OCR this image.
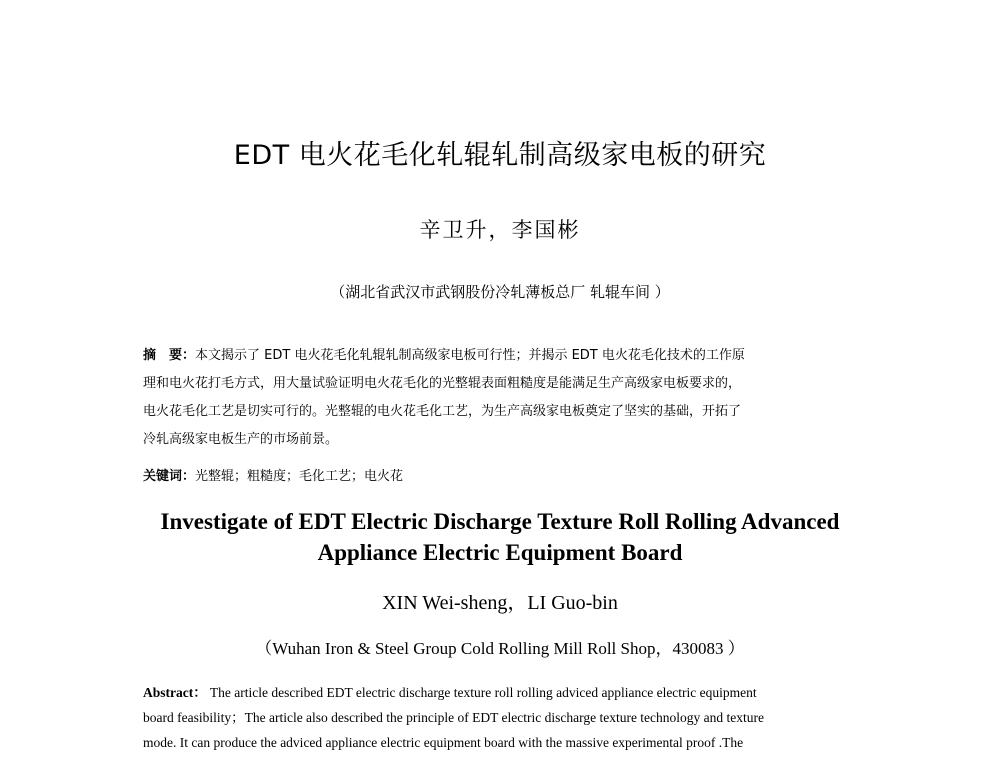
EDT 电火花毛化轧辊轧制高级家电板的研究
辛卫升，李国彬
（湖北省武汉市武钢股份冷轧薄板总厂 轧辊车间 ）
摘　要：本文揭示了 EDT 电火花毛化轧辊轧制高级家电板可行性；并揭示 EDT 电火花毛化技术的工作原
理和电火花打毛方式，用大量试验证明电火花毛化的光整辊表面粗糙度是能满足生产高级家电板要求的，
电火花毛化工艺是切实可行的。光整辊的电火花毛化工艺，为生产高级家电板奠定了坚实的基础，开拓了
冷轧高级家电板生产的市场前景。
关键词：光整辊；粗糙度；毛化工艺；电火花
Investigate of EDT Electric Discharge Texture Roll Rolling Advanced
Appliance Electric Equipment Board
XIN Wei-sheng，LI Guo-bin
（Wuhan Iron & Steel Group Cold Rolling Mill Roll Shop，430083 ）
Abstract： The article described EDT electric discharge texture roll rolling adviced appliance electric equipment
board feasibility；The article also described the principle of EDT electric discharge texture technology and texture
mode. It can produce the adviced appliance electric equipment board with the massive experimental proof .The
